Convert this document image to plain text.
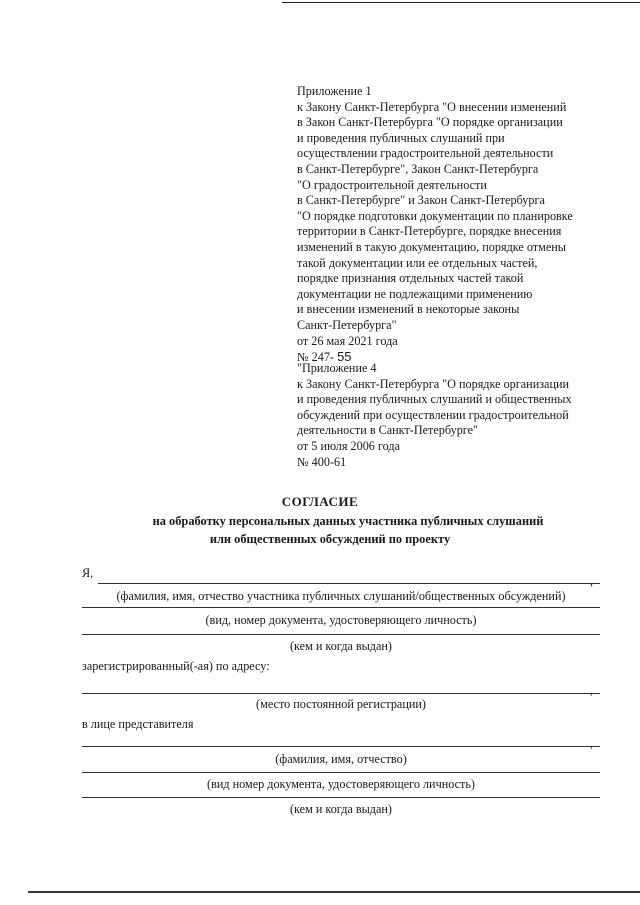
Приложение 1
к Закону Санкт-Петербурга "О внесении изменений
в Закон Санкт-Петербурга "О порядке организации
и проведения публичных слушаний при
осуществлении градостроительной деятельности
в Санкт-Петербурге", Закон Санкт-Петербурга
"О градостроительной деятельности
в Санкт-Петербурге" и Закон Санкт-Петербурга
"О порядке подготовки документации по планировке
территории в Санкт-Петербурге, порядке внесения
изменений в такую документацию, порядке отмены
такой документации или ее отдельных частей,
порядке признания отдельных частей такой
документации не подлежащими применению
и внесении изменений в некоторые законы
Санкт-Петербурга"
от 26 мая 2021 года
№ 247- 55
"Приложение 4
к Закону Санкт-Петербурга "О порядке организации
и проведения публичных слушаний и общественных
обсуждений при осуществлении градостроительной
деятельности в Санкт-Петербурге"
от 5 июля 2006 года
№ 400-61
СОГЛАСИЕ
на обработку персональных данных участника публичных слушаний
или общественных обсуждений по проекту
Я,
,
(фамилия, имя, отчество участника публичных слушаний/общественных обсуждений)
(вид, номер документа, удостоверяющего личность)
(кем и когда выдан)
зарегистрированный(-ая) по адресу:
,
(место постоянной регистрации)
в лице представителя
,
(фамилия, имя, отчество)
(вид номер документа, удостоверяющего личность)
(кем и когда выдан)
